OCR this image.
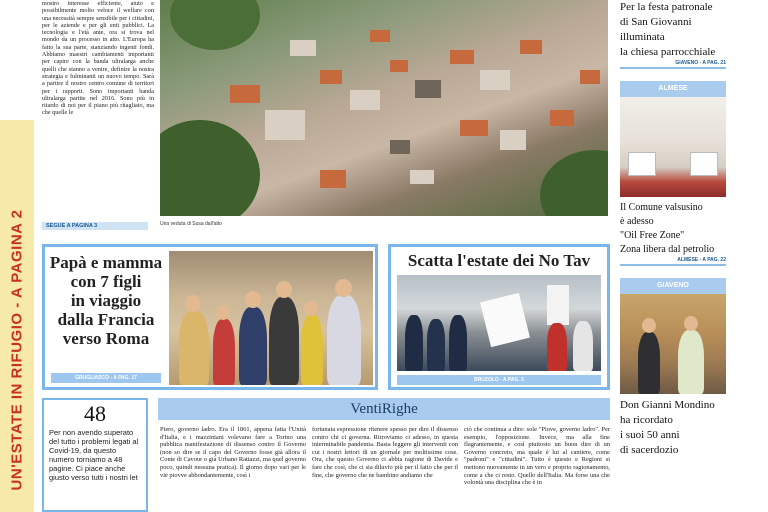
UN'ESTATE IN RIFUGIO - A PAGINA 2

mostro interesse efficiente, aiuto e possibilmente molto veloce il welfare con una necessità sempre sensibile per i cittadini, per le aziende e per gli enti pubblici. La tecnologia e l'età ante, ora si trova nel mondo da un processo in atto. L'Europa ha fatto la sua parte, stanziando ingenti fondi. Abbiamo maestri cambiamenti importanti per capire con la banda ultralarga anche quelli che stanno a venire, definire la nostra strategia e fulminanti un nuovo tempo. Sarà a partire il nostro centro comune di territori per i rapporti. Sono importanti banda ultralarga partite nel 2016. Sono più in ritardo di noi per il piano più ritagliato, ma che quelle le

SEGUE A PAGINA 3	Una veduta di Susa dall'alto
Per la festa patronale
di San Giovanni
illuminata
la chiesa parrocchiale
GIAVENO - A PAG. 21
ALMESE
Il Comune valsusino
è adesso
"Oil Free Zone"
Zona libera dal petrolio
ALMESE - A PAG. 22
GIAVENO
Don Gianni Mondino
ha ricordato
i suoi 50 anni
di sacerdozio
Papà e mamma
con 7 figli
in viaggio
dalla Francia
verso Roma
GRUGLIASCO - A PAG. 17
Scatta l'estate dei No Tav
BRUZOLO - A PAG. 5
48

Per non avendo superato del tutto i problemi legati al Covid-19, da questo numero torniamo a 48 pagine. Ci piace anche giusto verso tutti i nostri let

VentiRighe

Piero, governo ladro. Era il 1861, appena fatta l'Unità d'Italia, e i mazziniani volevano fare a Torino una pubblica manifestazione di dissenso contro il Governo (non so dire se il capo del Governo fosse già allora il Conte di Cavour o già Urbano Rattazzi, ma quel governo poco, quindi nessuna pratica). Il giorno dopo vari per le vie piovve abbondantemente, così i

fortunata espressione ritenere spesso per dire il dissenso contro chi ci governa. Ritroviamo ci adesso, in questa interminabile pandemia. Basta leggere gli interventi con cui i nostri lettori di un giornale per moltissime cose. Ora, che questo Governo ci abbia ragione di Davide e fare che così, che ci sia diluvio più per il fatto che per il fine, che governo che ne bambino andiamo che

ciò che continua a dire: sole "Piove, governo ladro". Per esempio, l'opposizione. Invece, ma alla fine flagrantemente, e così piuttosto un buon dire di un Governo concreto, ma quale è lui al cantiere, come "padroni" e "cittadini". Tutto è questo e Regioni si mettono nuovamente in un vero e proprio ragionamento, come a che ci resto. Quello dell'Italia. Ma forse una che volontà una disciplina che è in
